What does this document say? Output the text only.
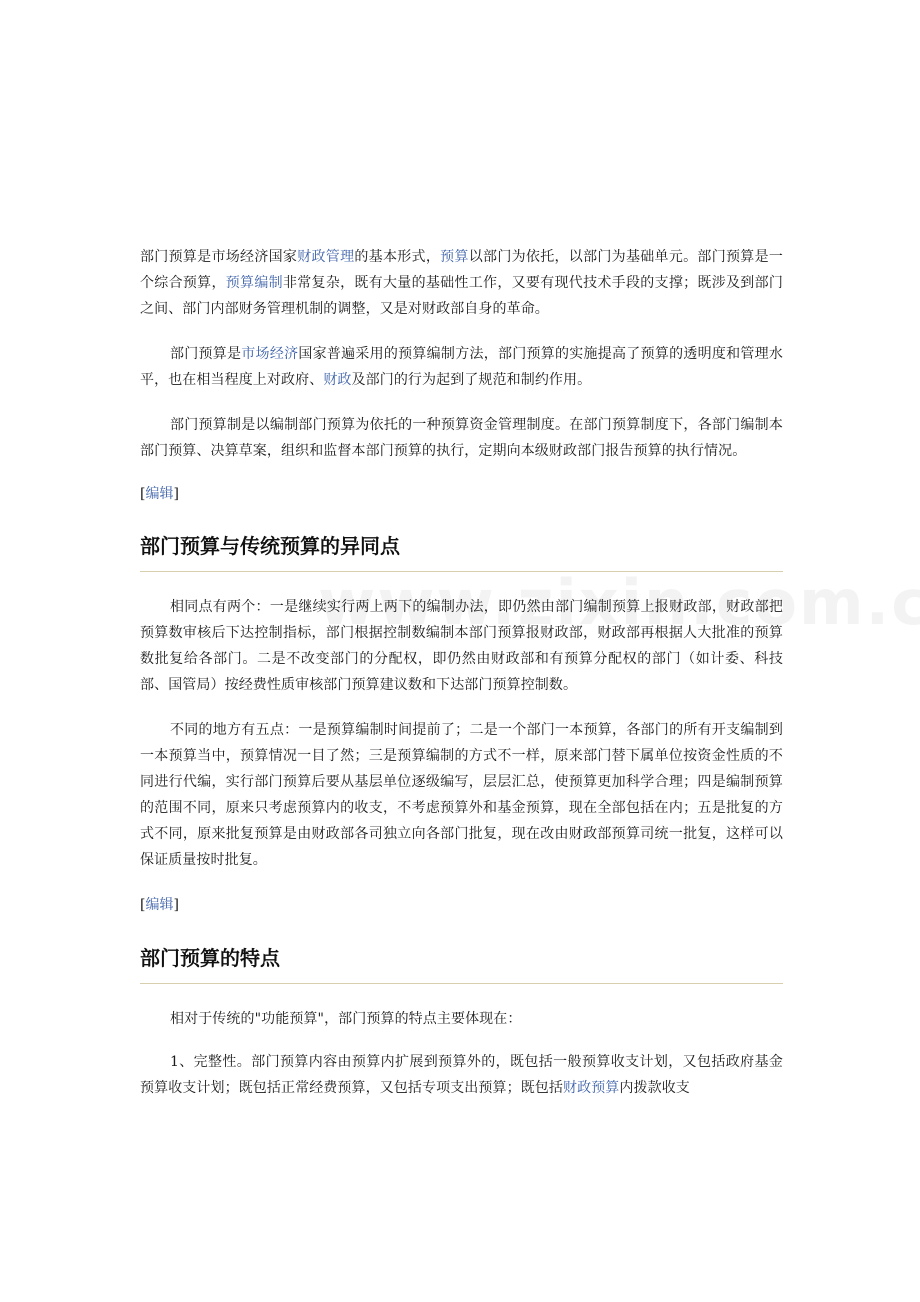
部门预算是市场经济国家财政管理的基本形式，预算以部门为依托，以部门为基础单元。部门预算是一个综合预算，预算编制非常复杂，既有大量的基础性工作，又要有现代技术手段的支撑；既涉及到部门之间、部门内部财务管理机制的调整，又是对财政部自身的革命。

部门预算是市场经济国家普遍采用的预算编制方法，部门预算的实施提高了预算的透明度和管理水平，也在相当程度上对政府、财政及部门的行为起到了规范和制约作用。

部门预算制是以编制部门预算为依托的一种预算资金管理制度。在部门预算制度下，各部门编制本部门预算、决算草案，组织和监督本部门预算的执行，定期向本级财政部门报告预算的执行情况。

[编辑]

部门预算与传统预算的异同点

相同点有两个：一是继续实行两上两下的编制办法，即仍然由部门编制预算上报财政部，财政部把预算数审核后下达控制指标，部门根据控制数编制本部门预算报财政部，财政部再根据人大批准的预算数批复给各部门。二是不改变部门的分配权，即仍然由财政部和有预算分配权的部门（如计委、科技部、国管局）按经费性质审核部门预算建议数和下达部门预算控制数。

不同的地方有五点：一是预算编制时间提前了；二是一个部门一本预算，各部门的所有开支编制到一本预算当中，预算情况一目了然；三是预算编制的方式不一样，原来部门替下属单位按资金性质的不同进行代编，实行部门预算后要从基层单位逐级编写，层层汇总，使预算更加科学合理；四是编制预算的范围不同，原来只考虑预算内的收支，不考虑预算外和基金预算，现在全部包括在内；五是批复的方式不同，原来批复预算是由财政部各司独立向各部门批复，现在改由财政部预算司统一批复，这样可以保证质量按时批复。

[编辑]

部门预算的特点

相对于传统的"功能预算"，部门预算的特点主要体现在：

1、完整性。部门预算内容由预算内扩展到预算外的，既包括一般预算收支计划，又包括政府基金预算收支计划；既包括正常经费预算，又包括专项支出预算；既包括财政预算内拨款收支
